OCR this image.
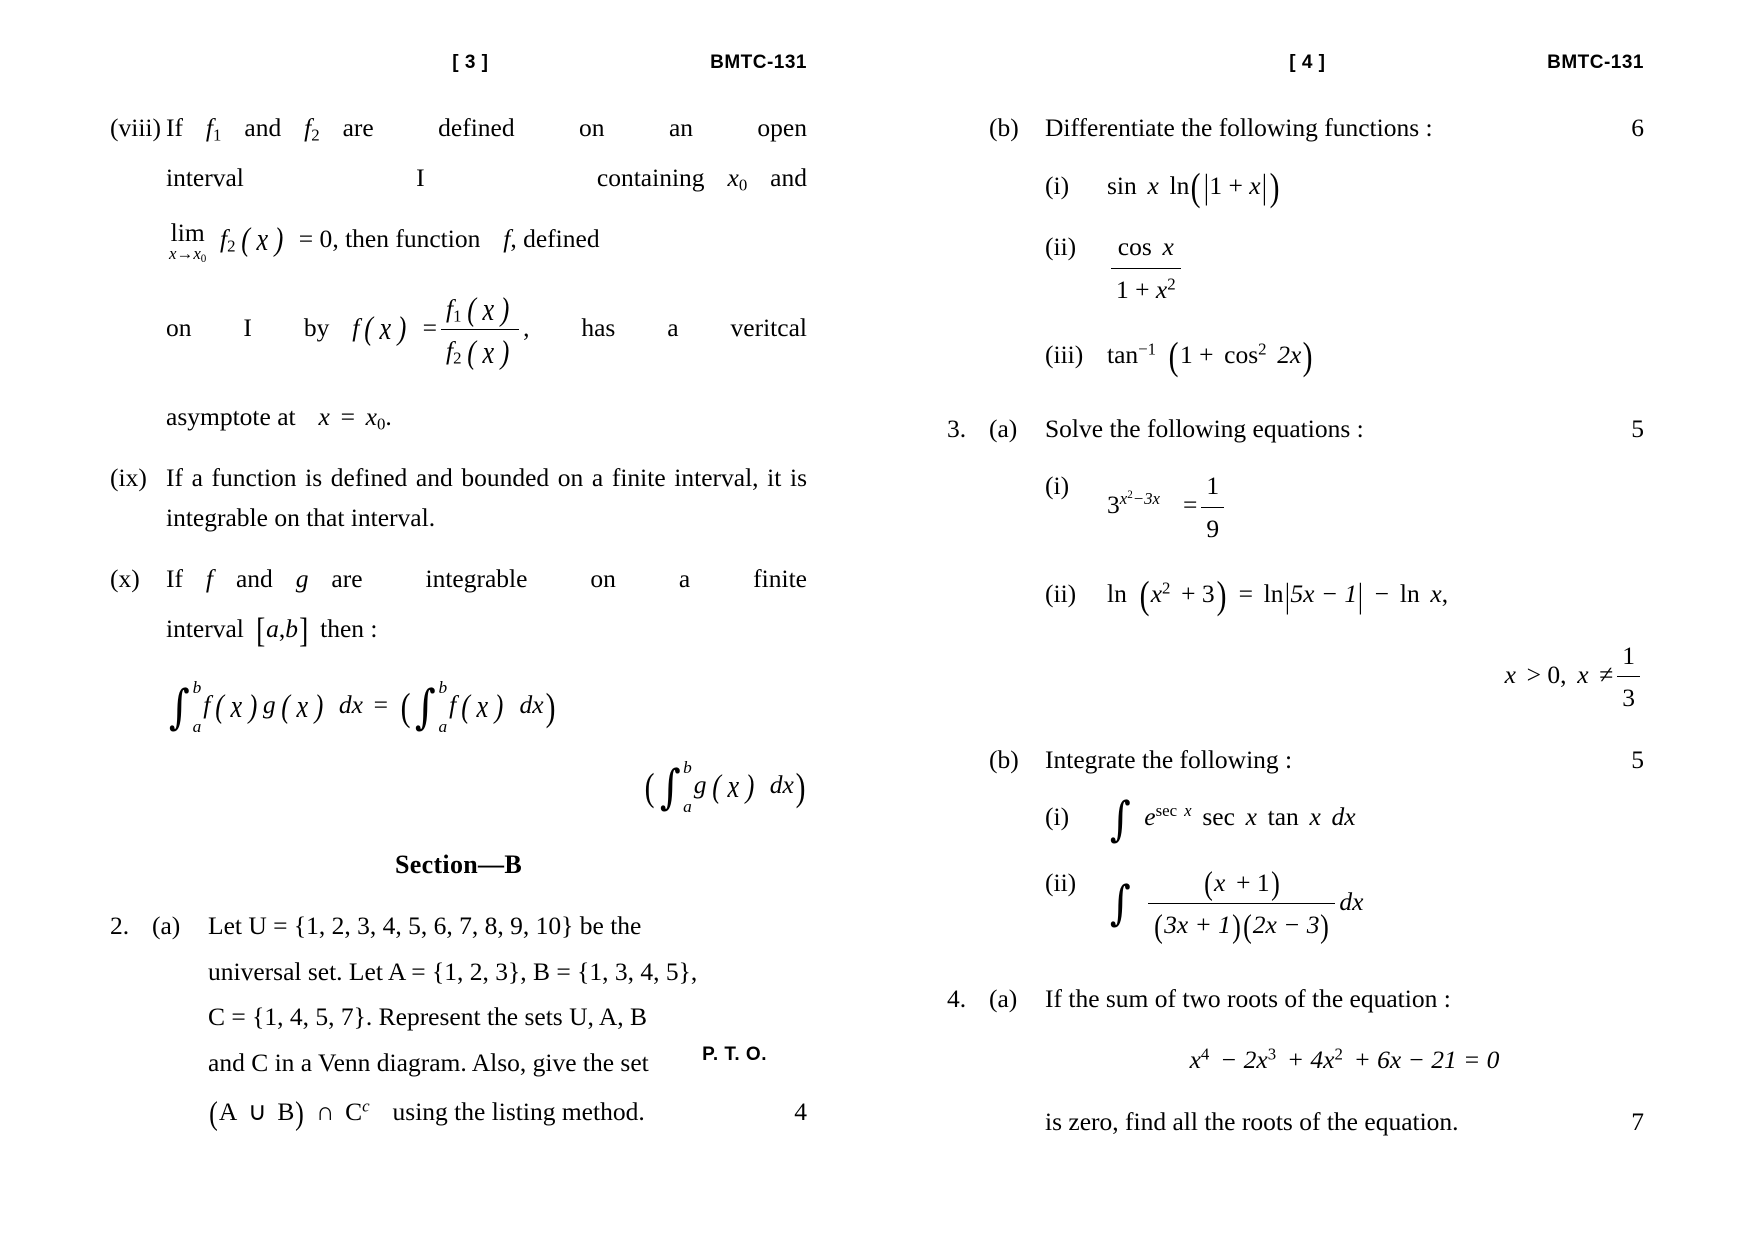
[ 3 ]	BMTC-131
(viii) If $f_1$ and $f_2$ are defined on an open
interval I containing $x_0$ and
lim
$x\to x_0$
$f_2$ ( x ) = 0, then function f, defined
on I by f ( x ) = $\frac{f_1 ( x )}{f_2 ( x )}$ , has a veritcal
asymptote at $x = x_0$.
(ix) If a function is defined and bounded on a finite interval, it is integrable on that interval.
(x)	If f and g are integrable on a finite
interval [a,b] then :
∫ b
a
f ( x ) g ( x ) dx = (∫ b
a
f ( x ) dx)
(∫ b
a
g ( x ) dx)
Section—B
2. (a)	Let U = {1, 2, 3, 4, 5, 6, 7, 8, 9, 10} be the
universal set. Let A = {1, 2, 3}, B = {1, 3, 4, 5},
C = {1, 4, 5, 7}. Represent the sets U, A, B
and C in a Venn diagram. Also, give the set
4
(A ∪ B) ∩ $C^c$ using the listing method.
P. T. O.
[ 4 ]	BMTC-131
(b)	6
Differentiate the following functions :
(i)	sin x ln(|1 + x|)
(ii)	$\frac{\text{cos x}}{1 + x^2}$
(iii) $\tan^{-1} (1 + \cos^2 2x)$
3. (a)	5
Solve the following equations :
(i)
$3^{x^2-3x} = \frac{1}{9}$
(ii)	$\ln (x^2 + 3) = \ln|5x - 1| - \ln x$,
x > 0, $x \ne \frac{1}{3}$
(b)	5
Integrate the following :
(i) ∫ $e^{sec x}$ sec x tan x dx
(ii) ∫ $\frac{(x + 1)}{(3x + 1)(2x - 3)}$ dx
4. (a)	If the sum of two roots of the equation :
$x^4 - 2x^3 + 4x^2 + 6x - 21 = 0$
7
is zero, find all the roots of the equation.
